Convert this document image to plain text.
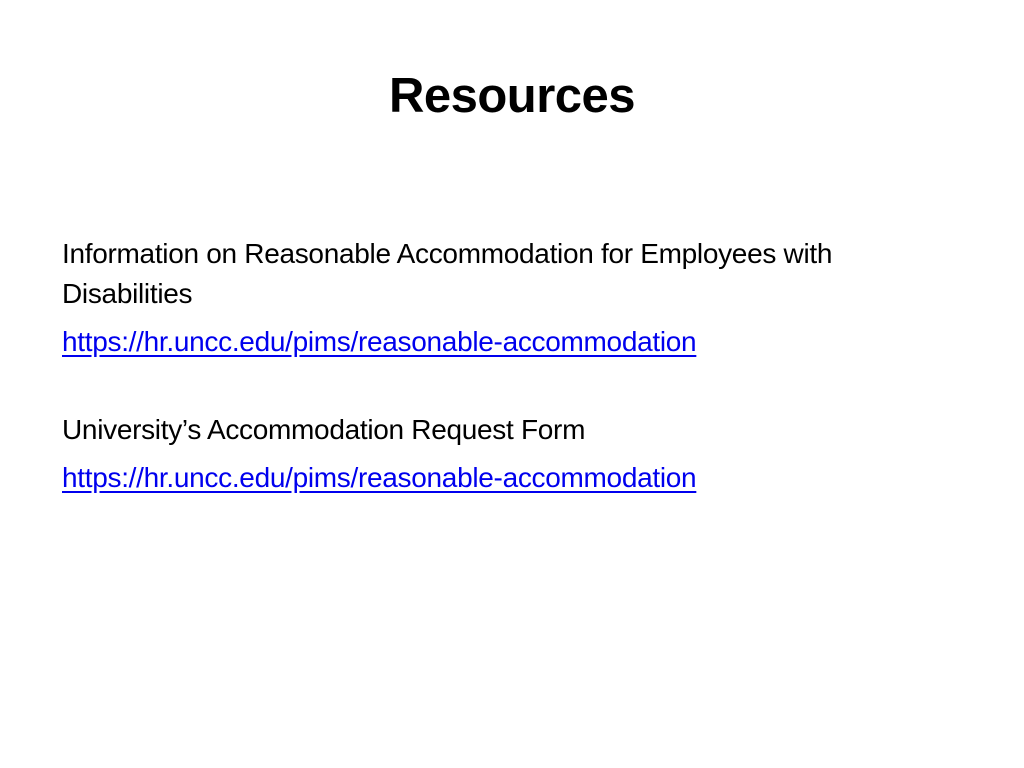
Resources

Information on Reasonable Accommodation for Employees with

Disabilities

https://hr.uncc.edu/pims/reasonable-accommodation

University’s Accommodation Request Form

https://hr.uncc.edu/pims/reasonable-accommodation
